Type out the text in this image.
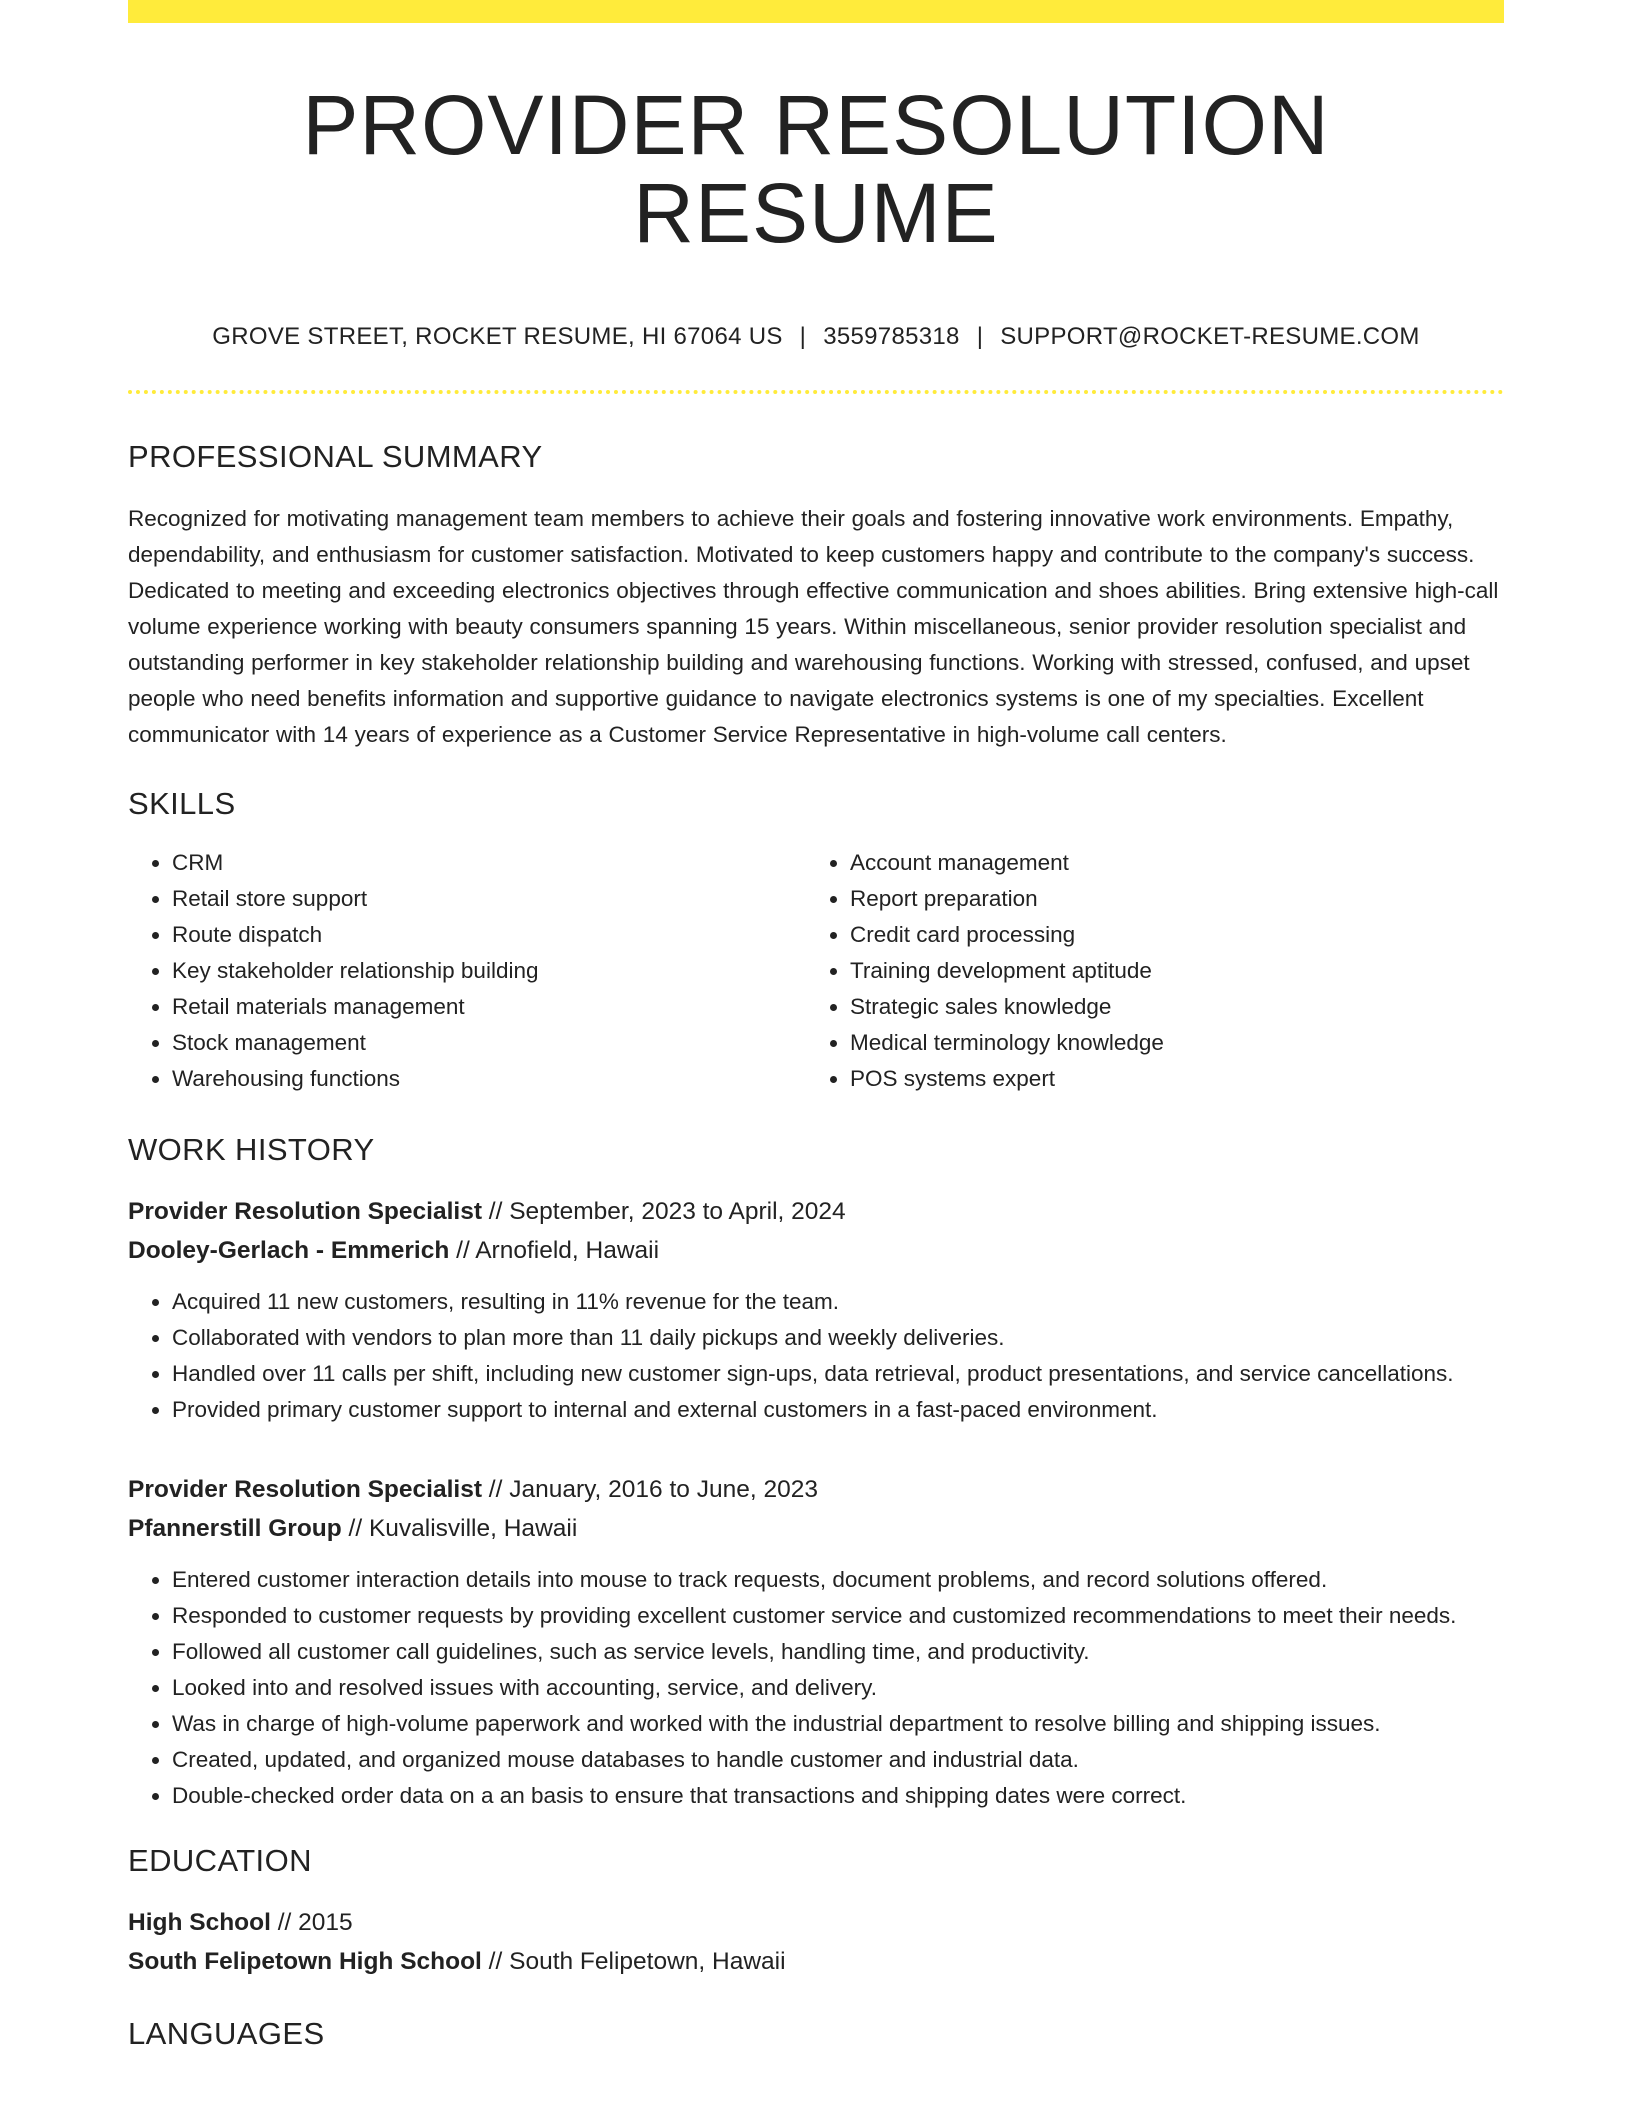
PROVIDER RESOLUTION RESUME
GROVE STREET, ROCKET RESUME, HI 67064 US | 3559785318 | SUPPORT@ROCKET-RESUME.COM
PROFESSIONAL SUMMARY

Recognized for motivating management team members to achieve their goals and fostering innovative work environments. Empathy, dependability, and enthusiasm for customer satisfaction. Motivated to keep customers happy and contribute to the company's success. Dedicated to meeting and exceeding electronics objectives through effective communication and shoes abilities. Bring extensive high-call volume experience working with beauty consumers spanning 15 years. Within miscellaneous, senior provider resolution specialist and outstanding performer in key stakeholder relationship building and warehousing functions. Working with stressed, confused, and upset people who need benefits information and supportive guidance to navigate electronics systems is one of my specialties. Excellent communicator with 14 years of experience as a Customer Service Representative in high-volume call centers.

SKILLS
• CRM
• Retail store support
• Route dispatch
• Key stakeholder relationship building
• Retail materials management
• Stock management
• Warehousing functions
• Account management
• Report preparation
• Credit card processing
• Training development aptitude
• Strategic sales knowledge
• Medical terminology knowledge
• POS systems expert
WORK HISTORY
Provider Resolution Specialist // September, 2023 to April, 2024
Dooley-Gerlach - Emmerich // Arnofield, Hawaii
• Acquired 11 new customers, resulting in 11% revenue for the team.
• Collaborated with vendors to plan more than 11 daily pickups and weekly deliveries.
• Handled over 11 calls per shift, including new customer sign-ups, data retrieval, product presentations, and service cancellations.
• Provided primary customer support to internal and external customers in a fast-paced environment.
Provider Resolution Specialist // January, 2016 to June, 2023
Pfannerstill Group // Kuvalisville, Hawaii
• Entered customer interaction details into mouse to track requests, document problems, and record solutions offered.
• Responded to customer requests by providing excellent customer service and customized recommendations to meet their needs.
• Followed all customer call guidelines, such as service levels, handling time, and productivity.
• Looked into and resolved issues with accounting, service, and delivery.
• Was in charge of high-volume paperwork and worked with the industrial department to resolve billing and shipping issues.
• Created, updated, and organized mouse databases to handle customer and industrial data.
• Double-checked order data on a an basis to ensure that transactions and shipping dates were correct.
EDUCATION
High School // 2015
South Felipetown High School // South Felipetown, Hawaii
LANGUAGES
